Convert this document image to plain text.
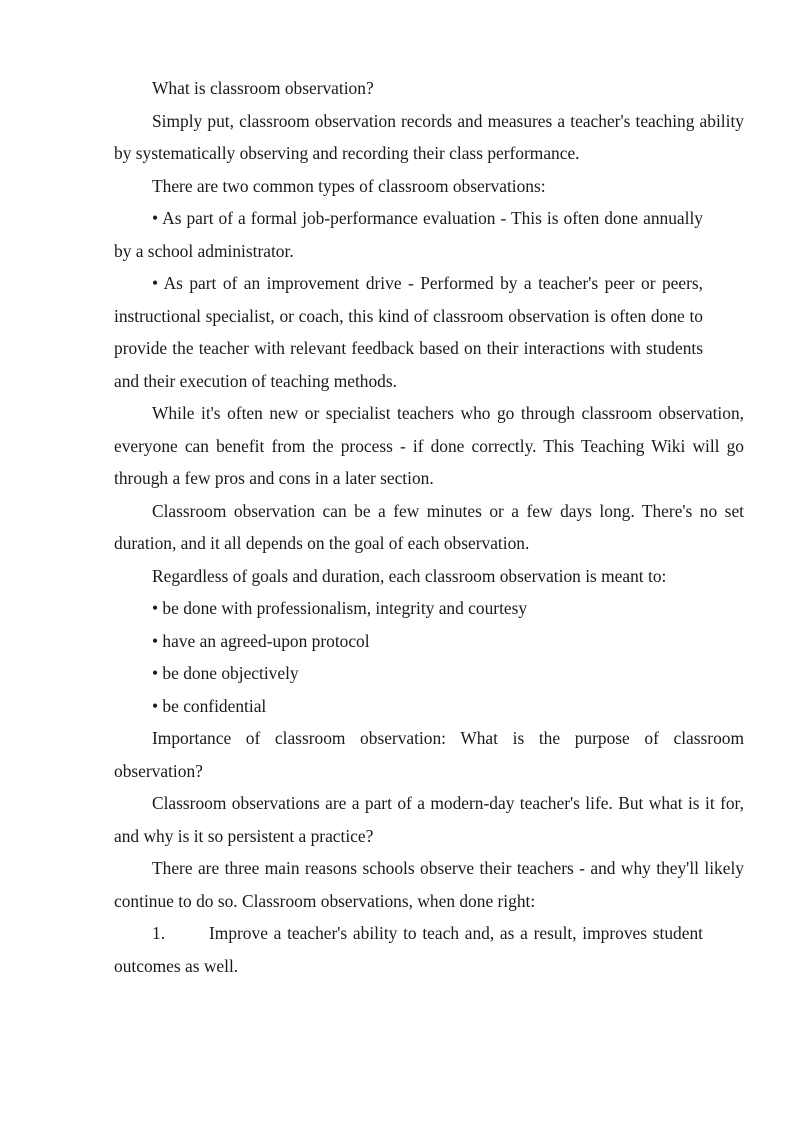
What is classroom observation?

Simply put, classroom observation records and measures a teacher's teaching ability by systematically observing and recording their class performance.

There are two common types of classroom observations:

• As part of a formal job-performance evaluation - This is often done annually by a school administrator.

• As part of an improvement drive - Performed by a teacher's peer or peers, instructional specialist, or coach, this kind of classroom observation is often done to provide the teacher with relevant feedback based on their interactions with students and their execution of teaching methods.

While it's often new or specialist teachers who go through classroom observation, everyone can benefit from the process - if done correctly. This Teaching Wiki will go through a few pros and cons in a later section.

Classroom observation can be a few minutes or a few days long. There's no set duration, and it all depends on the goal of each observation.

Regardless of goals and duration, each classroom observation is meant to:

• be done with professionalism, integrity and courtesy

• have an agreed-upon protocol

• be done objectively

• be confidential

Importance of classroom observation: What is the purpose of classroom observation?

Classroom observations are a part of a modern-day teacher's life. But what is it for, and why is it so persistent a practice?

There are three main reasons schools observe their teachers - and why they'll likely continue to do so. Classroom observations, when done right:

1.	Improve a teacher's ability to teach and, as a result, improves student outcomes as well.
